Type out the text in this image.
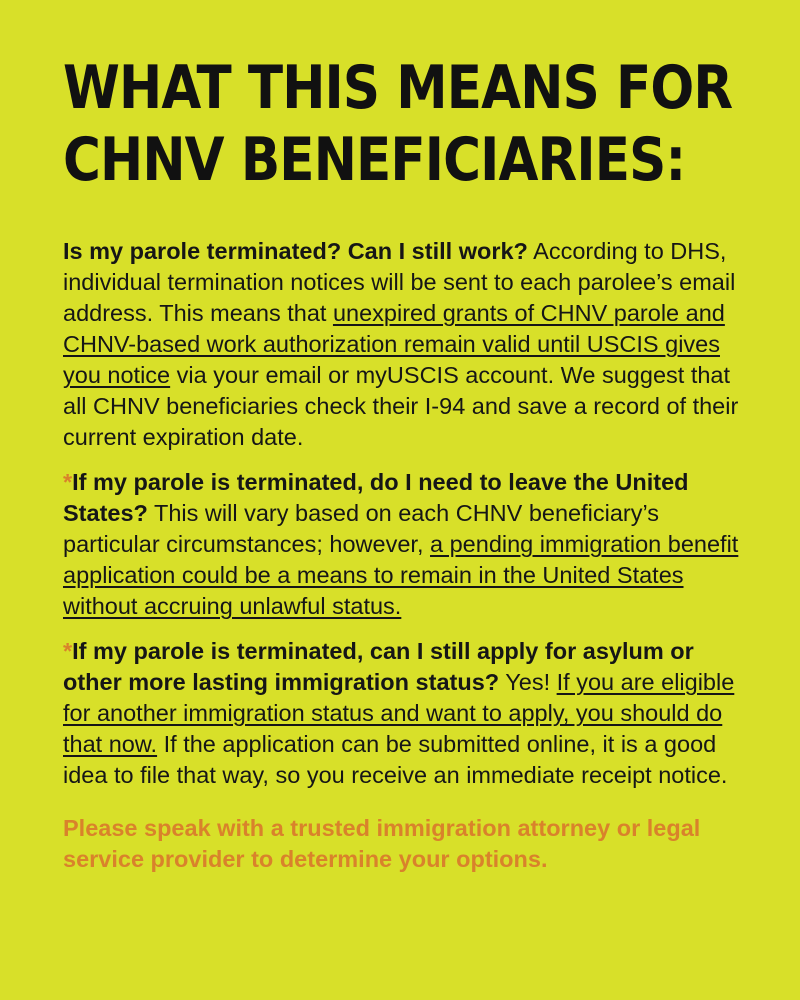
WHAT THIS MEANS FOR
CHNV BENEFICIARIES:

Is my parole terminated? Can I still work? According to DHS, individual termination notices will be sent to each parolee’s email address. This means that unexpired grants of CHNV parole and CHNV-based work authorization remain valid until USCIS gives you notice via your email or myUSCIS account. We suggest that all CHNV beneficiaries check their I-94 and save a record of their current expiration date.

*If my parole is terminated, do I need to leave the United States? This will vary based on each CHNV beneficiary’s particular circumstances; however, a pending immigration benefit application could be a means to remain in the United States without accruing unlawful status.

*If my parole is terminated, can I still apply for asylum or other more lasting immigration status? Yes! If you are eligible for another immigration status and want to apply, you should do that now. If the application can be submitted online, it is a good idea to file that way, so you receive an immediate receipt notice.

Please speak with a trusted immigration attorney or legal service provider to determine your options.
